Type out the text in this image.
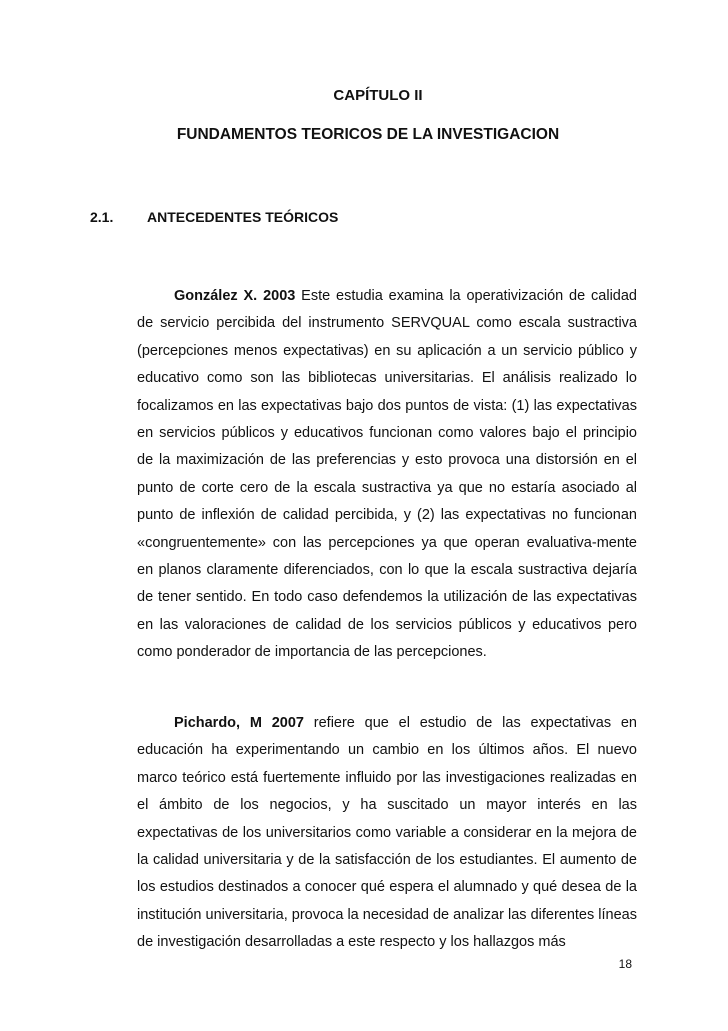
CAPÍTULO II
FUNDAMENTOS TEORICOS DE LA INVESTIGACION
2.1. ANTECEDENTES TEÓRICOS

González X. 2003 Este estudia examina la operativización de calidad de servicio percibida del instrumento SERVQUAL como escala sustractiva (percepciones menos expectativas) en su aplicación a un servicio público y educativo como son las bibliotecas universitarias. El análisis realizado lo focalizamos en las expectativas bajo dos puntos de vista: (1) las expectativas en servicios públicos y educativos funcionan como valores bajo el principio de la maximización de las preferencias y esto provoca una distorsión en el punto de corte cero de la escala sustractiva ya que no estaría asociado al punto de inflexión de calidad percibida, y (2) las expectativas no funcionan «congruentemente» con las percepciones ya que operan evaluativa-mente en planos claramente diferenciados, con lo que la escala sustractiva dejaría de tener sentido. En todo caso defendemos la utilización de las expectativas en las valoraciones de calidad de los servicios públicos y educativos pero como ponderador de importancia de las percepciones.

Pichardo, M 2007 refiere que el estudio de las expectativas en educación ha experimentando un cambio en los últimos años. El nuevo marco teórico está fuertemente influido por las investigaciones realizadas en el ámbito de los negocios, y ha suscitado un mayor interés en las expectativas de los universitarios como variable a considerar en la mejora de la calidad universitaria y de la satisfacción de los estudiantes. El aumento de los estudios destinados a conocer qué espera el alumnado y qué desea de la institución universitaria, provoca la necesidad de analizar las diferentes líneas de investigación desarrolladas a este respecto y los hallazgos más

18
